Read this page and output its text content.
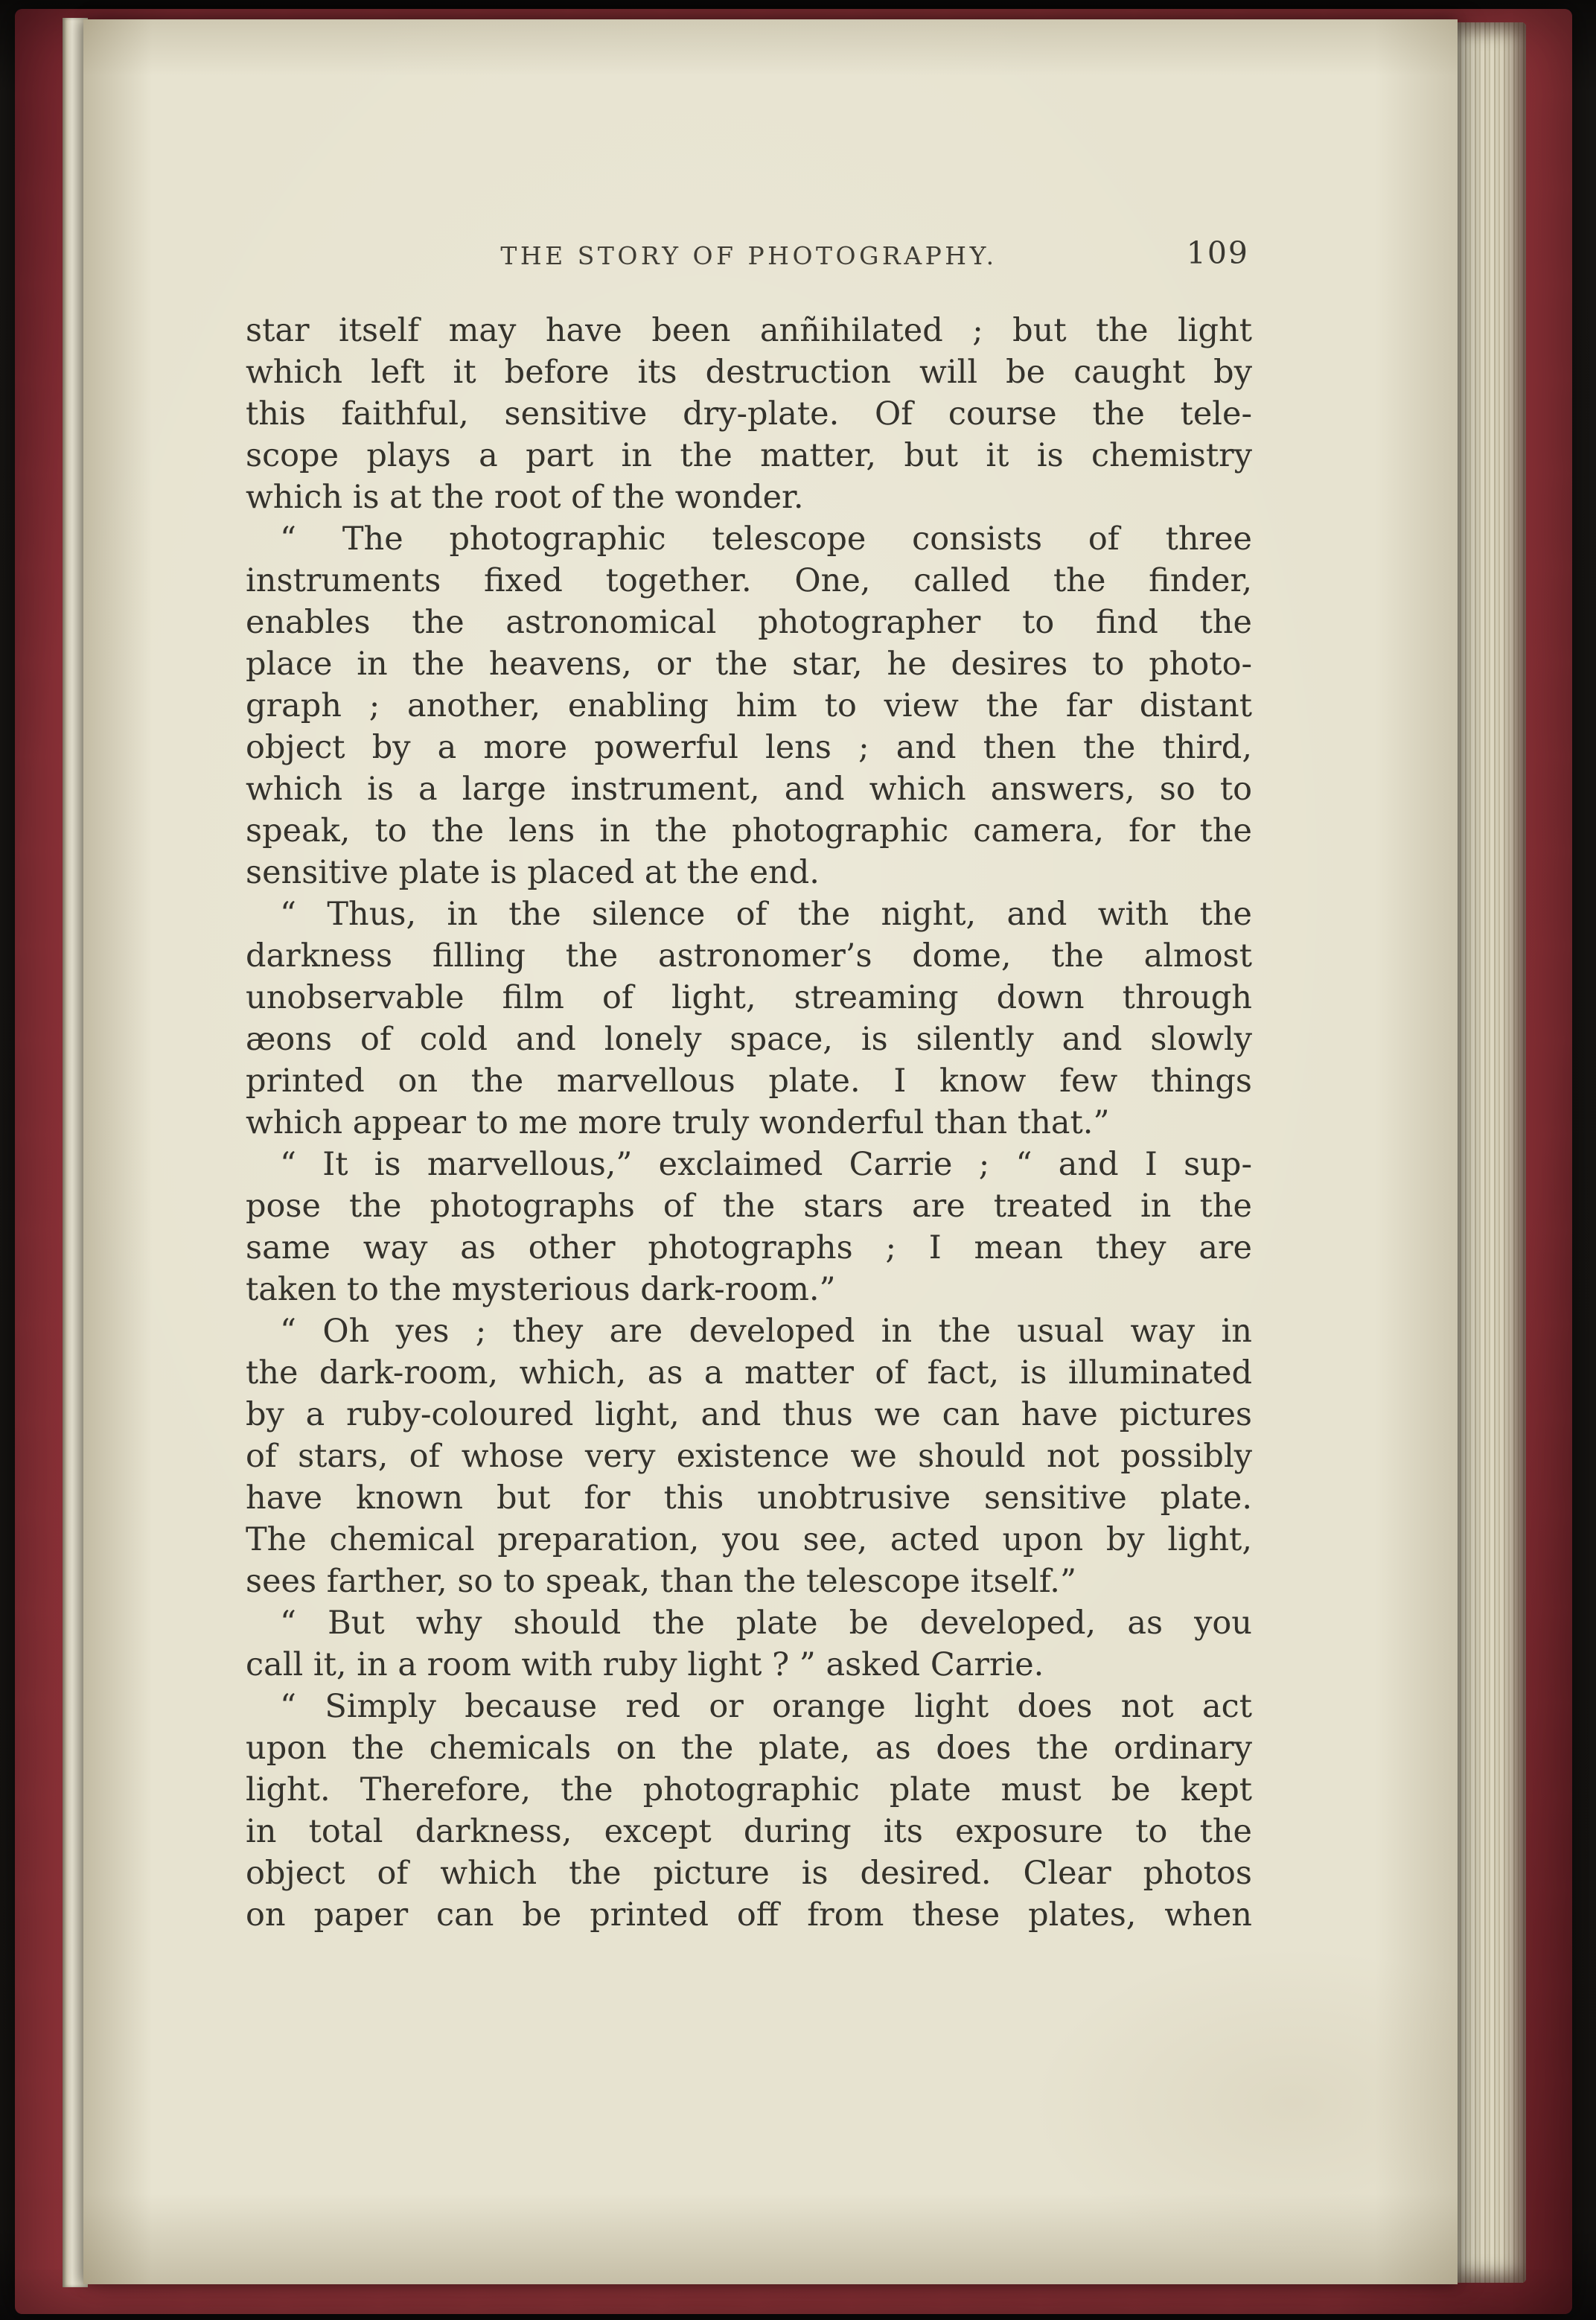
THE STORY OF PHOTOGRAPHY.	109
star itself may have been anñihilated ; but the light
which left it before its destruction will be caught by
this faithful, sensitive dry-plate. Of course the tele-
scope plays a part in the matter, but it is chemistry
which is at the root of the wonder.
“ The photographic telescope consists of three
instruments fixed together. One, called the finder,
enables the astronomical photographer to find the
place in the heavens, or the star, he desires to photo-
graph ; another, enabling him to view the far distant
object by a more powerful lens ; and then the third,
which is a large instrument, and which answers, so to
speak, to the lens in the photographic camera, for the
sensitive plate is placed at the end.
“ Thus, in the silence of the night, and with the
darkness filling the astronomer’s dome, the almost
unobservable film of light, streaming down through
æons of cold and lonely space, is silently and slowly
printed on the marvellous plate. I know few things
which appear to me more truly wonderful than that.”
“ It is marvellous,” exclaimed Carrie ; “ and I sup-
pose the photographs of the stars are treated in the
same way as other photographs ; I mean they are
taken to the mysterious dark-room.”
“ Oh yes ; they are developed in the usual way in
the dark-room, which, as a matter of fact, is illuminated
by a ruby-coloured light, and thus we can have pictures
of stars, of whose very existence we should not possibly
have known but for this unobtrusive sensitive plate.
The chemical preparation, you see, acted upon by light,
sees farther, so to speak, than the telescope itself.”
“ But why should the plate be developed, as you
call it, in a room with ruby light ? ” asked Carrie.
“ Simply because red or orange light does not act
upon the chemicals on the plate, as does the ordinary
light. Therefore, the photographic plate must be kept
in total darkness, except during its exposure to the
object of which the picture is desired. Clear photos
on paper can be printed off from these plates, when
